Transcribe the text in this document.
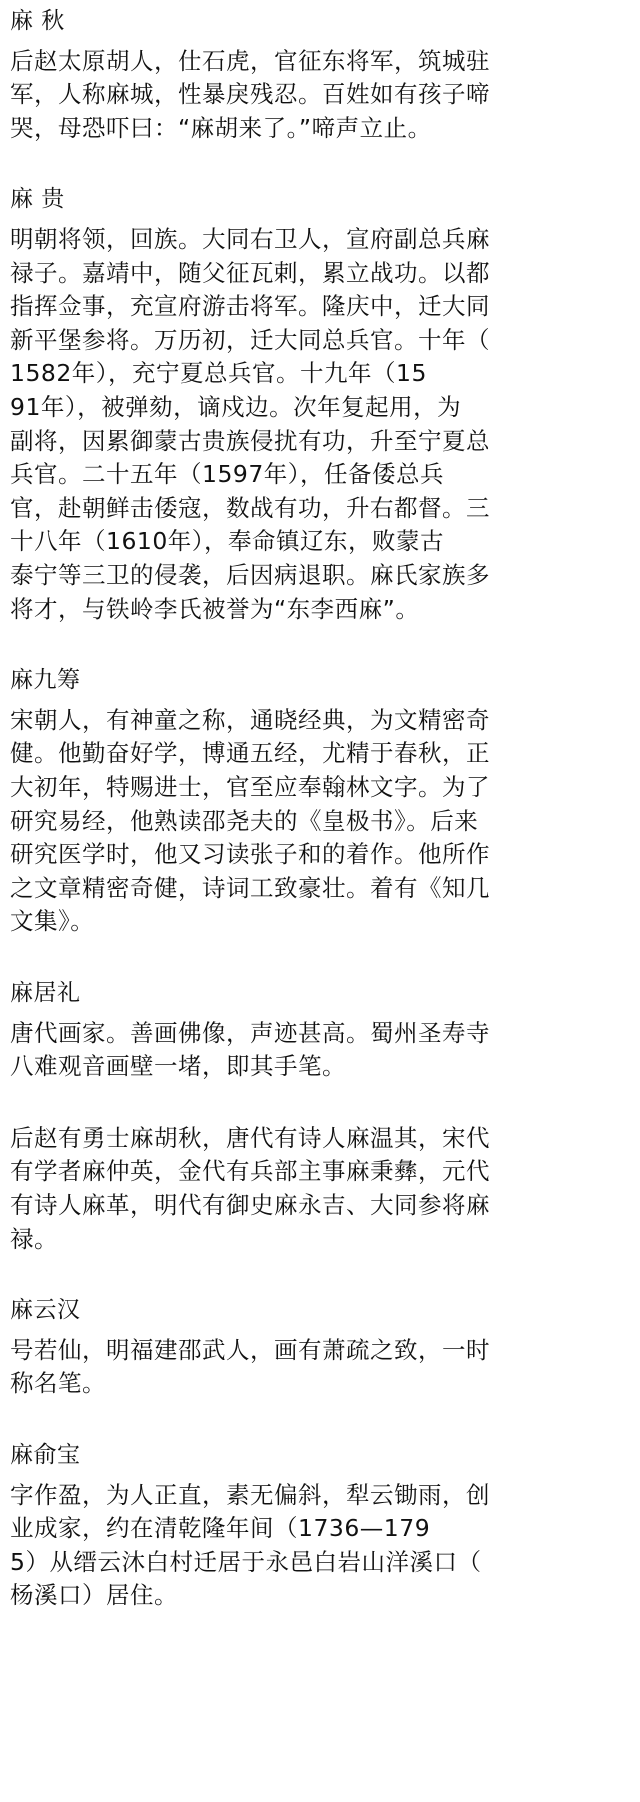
麻 秋
后赵太原胡人，仕石虎，官征东将军，筑城驻
军，人称麻城，性暴戾残忍。百姓如有孩子啼
哭，母恐吓曰：“麻胡来了。”啼声立止。
麻 贵
明朝将领，回族。大同右卫人，宣府副总兵麻
禄子。嘉靖中，随父征瓦剌，累立战功。以都
指挥佥事，充宣府游击将军。隆庆中，迁大同
新平堡参将。万历初，迁大同总兵官。十年（
1582年），充宁夏总兵官。十九年（15
91年），被弹劾，谪戍边。次年复起用，为
副将，因累御蒙古贵族侵扰有功，升至宁夏总
兵官。二十五年（1597年），任备倭总兵
官，赴朝鲜击倭寇，数战有功，升右都督。三
十八年（1610年），奉命镇辽东，败蒙古
泰宁等三卫的侵袭，后因病退职。麻氏家族多
将才，与铁岭李氏被誉为“东李西麻”。
麻九筹
宋朝人，有神童之称，通晓经典，为文精密奇
健。他勤奋好学，博通五经，尤精于春秋，正
大初年，特赐进士，官至应奉翰林文字。为了
研究易经，他熟读邵尧夫的《皇极书》。后来
研究医学时，他又习读张子和的着作。他所作
之文章精密奇健，诗词工致豪壮。着有《知几
文集》。
麻居礼
唐代画家。善画佛像，声迹甚高。蜀州圣寿寺
八难观音画壁一堵，即其手笔。
后赵有勇士麻胡秋，唐代有诗人麻温其，宋代
有学者麻仲英，金代有兵部主事麻秉彝，元代
有诗人麻革，明代有御史麻永吉、大同参将麻
禄。
麻云汉
号若仙，明福建邵武人，画有萧疏之致，一时
称名笔。
麻俞宝
字作盈，为人正直，素无偏斜，犁云锄雨，创
业成家，约在清乾隆年间（1736—179
5）从缙云沐白村迁居于永邑白岩山洋溪口（
杨溪口）居住。
